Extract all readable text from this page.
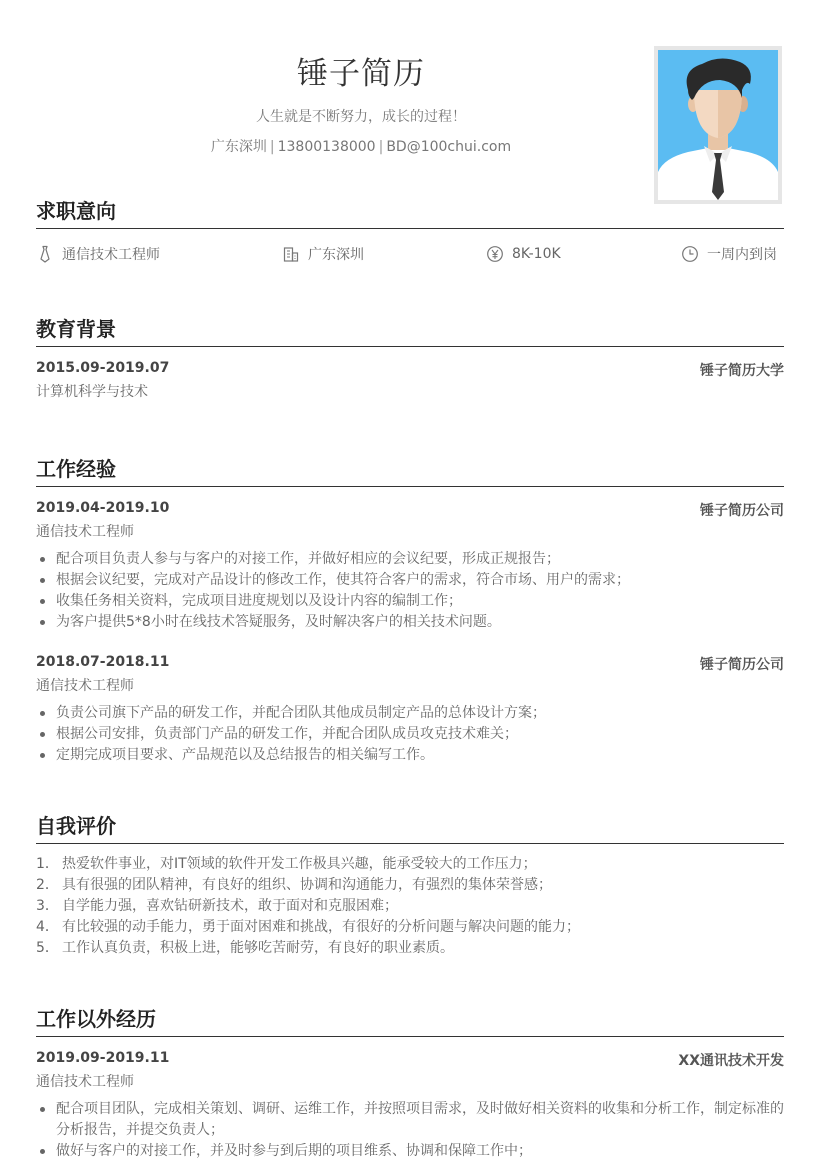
锤子简历
人生就是不断努力，成长的过程！
广东深圳 | 13800138000 | BD@100chui.com
求职意向
通信技术工程师	广东深圳	8K-10K	一周内到岗
教育背景
2015.09-2019.07	锤子简历大学
计算机科学与技术
工作经验
2019.04-2019.10	锤子简历公司
通信技术工程师
配合项目负责人参与与客户的对接工作，并做好相应的会议纪要，形成正规报告；
根据会议纪要，完成对产品设计的修改工作，使其符合客户的需求，符合市场、用户的需求；
收集任务相关资料，完成项目进度规划以及设计内容的编制工作；
为客户提供5*8小时在线技术答疑服务，及时解决客户的相关技术问题。
2018.07-2018.11	锤子简历公司
通信技术工程师
负责公司旗下产品的研发工作，并配合团队其他成员制定产品的总体设计方案；
根据公司安排，负责部门产品的研发工作，并配合团队成员攻克技术难关；
定期完成项目要求、产品规范以及总结报告的相关编写工作。
自我评价
1． 热爱软件事业，对IT领域的软件开发工作极具兴趣，能承受较大的工作压力；
2． 具有很强的团队精神，有良好的组织、协调和沟通能力，有强烈的集体荣誉感；
3． 自学能力强，喜欢钻研新技术，敢于面对和克服困难；
4． 有比较强的动手能力，勇于面对困难和挑战，有很好的分析问题与解决问题的能力；
5． 工作认真负责，积极上进，能够吃苦耐劳，有良好的职业素质。
工作以外经历
2019.09-2019.11	XX通讯技术开发
通信技术工程师
配合项目团队，完成相关策划、调研、运维工作，并按照项目需求，及时做好相关资料的收集和分析工作，制定标准的分析报告，并提交负责人；
做好与客户的对接工作，并及时参与到后期的项目维系、协调和保障工作中；
